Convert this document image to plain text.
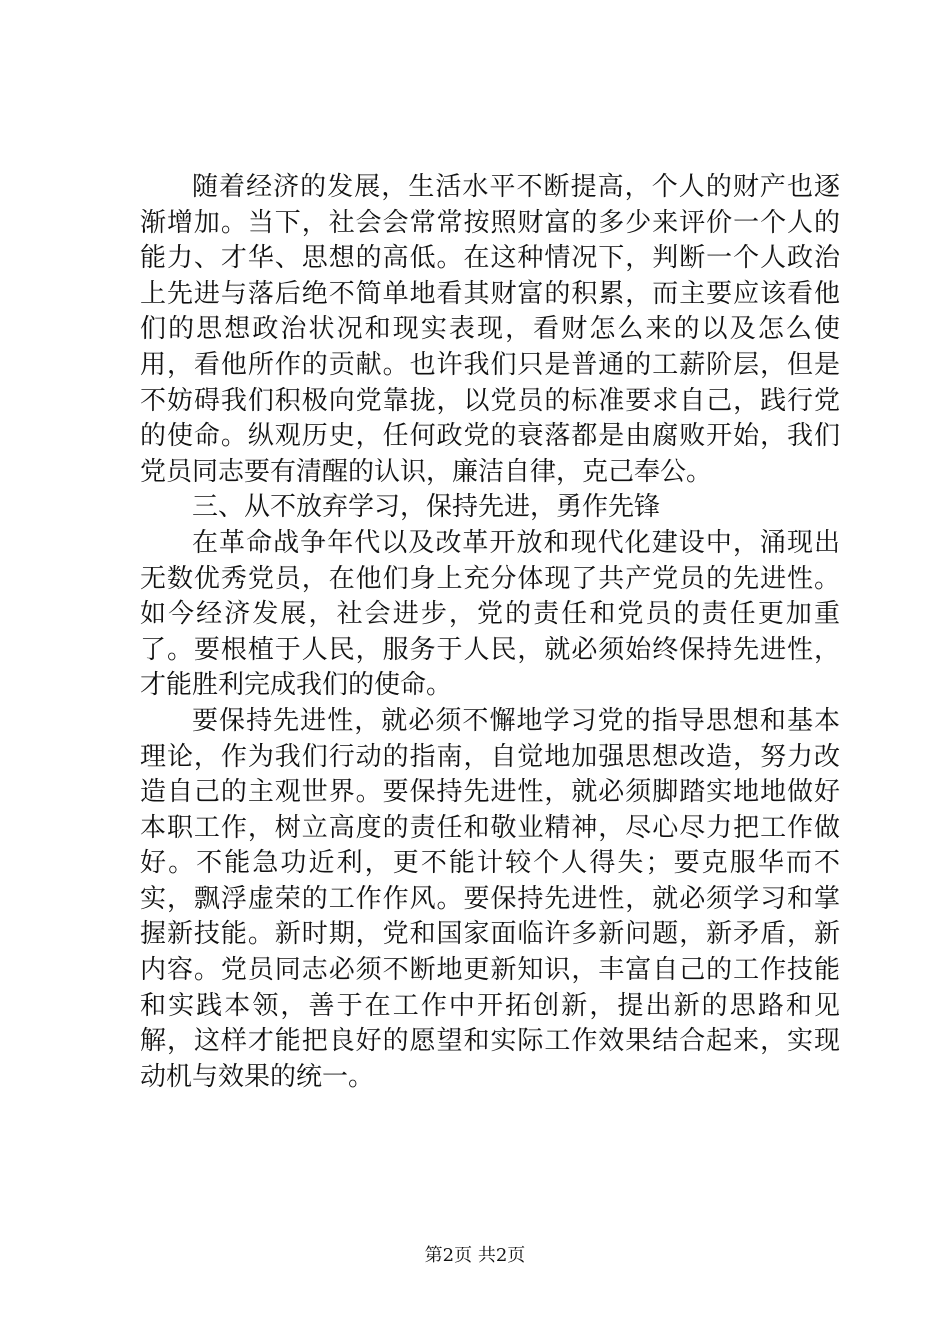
随着经济的发展，生活水平不断提高，个人的财产也逐渐增加。当下，社会会常常按照财富的多少来评价一个人的能力、才华、思想的高低。在这种情况下，判断一个人政治上先进与落后绝不简单地看其财富的积累，而主要应该看他们的思想政治状况和现实表现，看财怎么来的以及怎么使用，看他所作的贡献。也许我们只是普通的工薪阶层，但是不妨碍我们积极向党靠拢，以党员的标准要求自己，践行党的使命。纵观历史，任何政党的衰落都是由腐败开始，我们党员同志要有清醒的认识，廉洁自律，克己奉公。

三、从不放弃学习，保持先进，勇作先锋

在革命战争年代以及改革开放和现代化建设中，涌现出无数优秀党员，在他们身上充分体现了共产党员的先进性。如今经济发展，社会进步，党的责任和党员的责任更加重了。要根植于人民，服务于人民，就必须始终保持先进性，才能胜利完成我们的使命。

要保持先进性，就必须不懈地学习党的指导思想和基本理论，作为我们行动的指南，自觉地加强思想改造，努力改造自己的主观世界。要保持先进性，就必须脚踏实地地做好本职工作，树立高度的责任和敬业精神，尽心尽力把工作做好。不能急功近利，更不能计较个人得失；要克服华而不实，飘浮虚荣的工作作风。要保持先进性，就必须学习和掌握新技能。新时期，党和国家面临许多新问题，新矛盾，新内容。党员同志必须不断地更新知识，丰富自己的工作技能和实践本领，善于在工作中开拓创新，提出新的思路和见解，这样才能把良好的愿望和实际工作效果结合起来，实现动机与效果的统一。

第2页 共2页
